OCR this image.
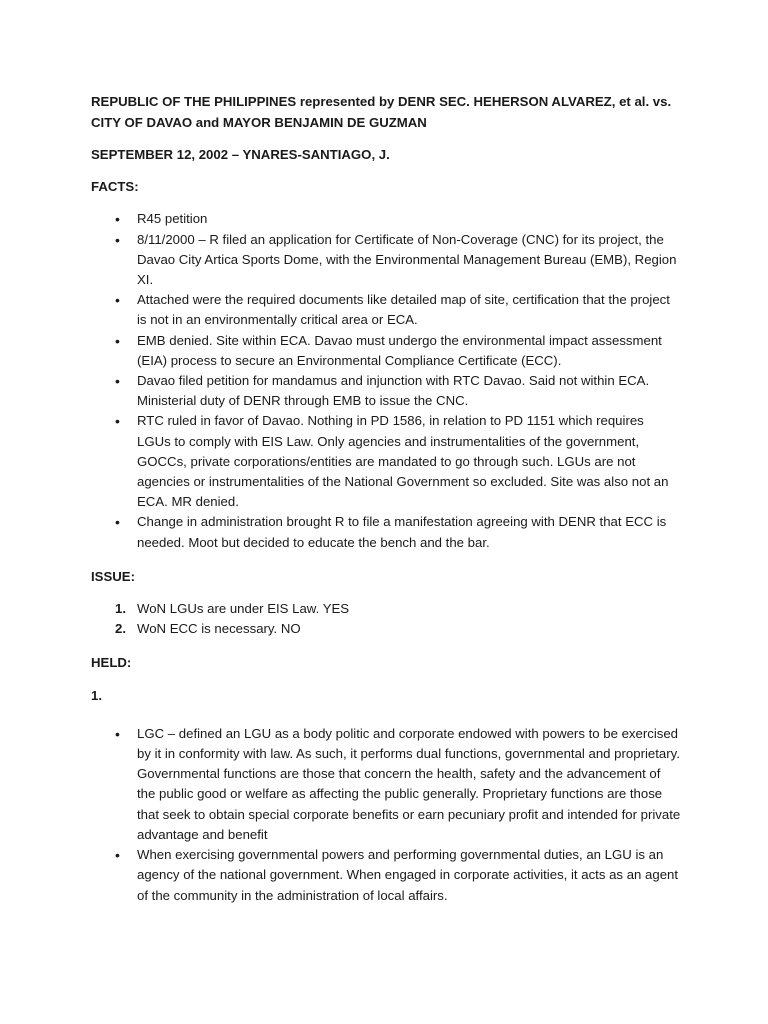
REPUBLIC OF THE PHILIPPINES represented by DENR SEC. HEHERSON ALVAREZ, et al. vs. CITY OF DAVAO and MAYOR BENJAMIN DE GUZMAN

SEPTEMBER 12, 2002 – YNARES-SANTIAGO, J.

FACTS:

• R45 petition
• 8/11/2000 – R filed an application for Certificate of Non-Coverage (CNC) for its project, the Davao City Artica Sports Dome, with the Environmental Management Bureau (EMB), Region XI.
• Attached were the required documents like detailed map of site, certification that the project is not in an environmentally critical area or ECA.
• EMB denied. Site within ECA. Davao must undergo the environmental impact assessment (EIA) process to secure an Environmental Compliance Certificate (ECC).
• Davao filed petition for mandamus and injunction with RTC Davao. Said not within ECA. Ministerial duty of DENR through EMB to issue the CNC.
• RTC ruled in favor of Davao. Nothing in PD 1586, in relation to PD 1151 which requires LGUs to comply with EIS Law. Only agencies and instrumentalities of the government, GOCCs, private corporations/entities are mandated to go through such. LGUs are not agencies or instrumentalities of the National Government so excluded. Site was also not an ECA. MR denied.
• Change in administration brought R to file a manifestation agreeing with DENR that ECC is needed. Moot but decided to educate the bench and the bar.

ISSUE:

1. WoN LGUs are under EIS Law. YES
2. WoN ECC is necessary. NO

HELD:

1.

• LGC – defined an LGU as a body politic and corporate endowed with powers to be exercised by it in conformity with law. As such, it performs dual functions, governmental and proprietary. Governmental functions are those that concern the health, safety and the advancement of the public good or welfare as affecting the public generally. Proprietary functions are those that seek to obtain special corporate benefits or earn pecuniary profit and intended for private advantage and benefit
• When exercising governmental powers and performing governmental duties, an LGU is an agency of the national government. When engaged in corporate activities, it acts as an agent of the community in the administration of local affairs.
